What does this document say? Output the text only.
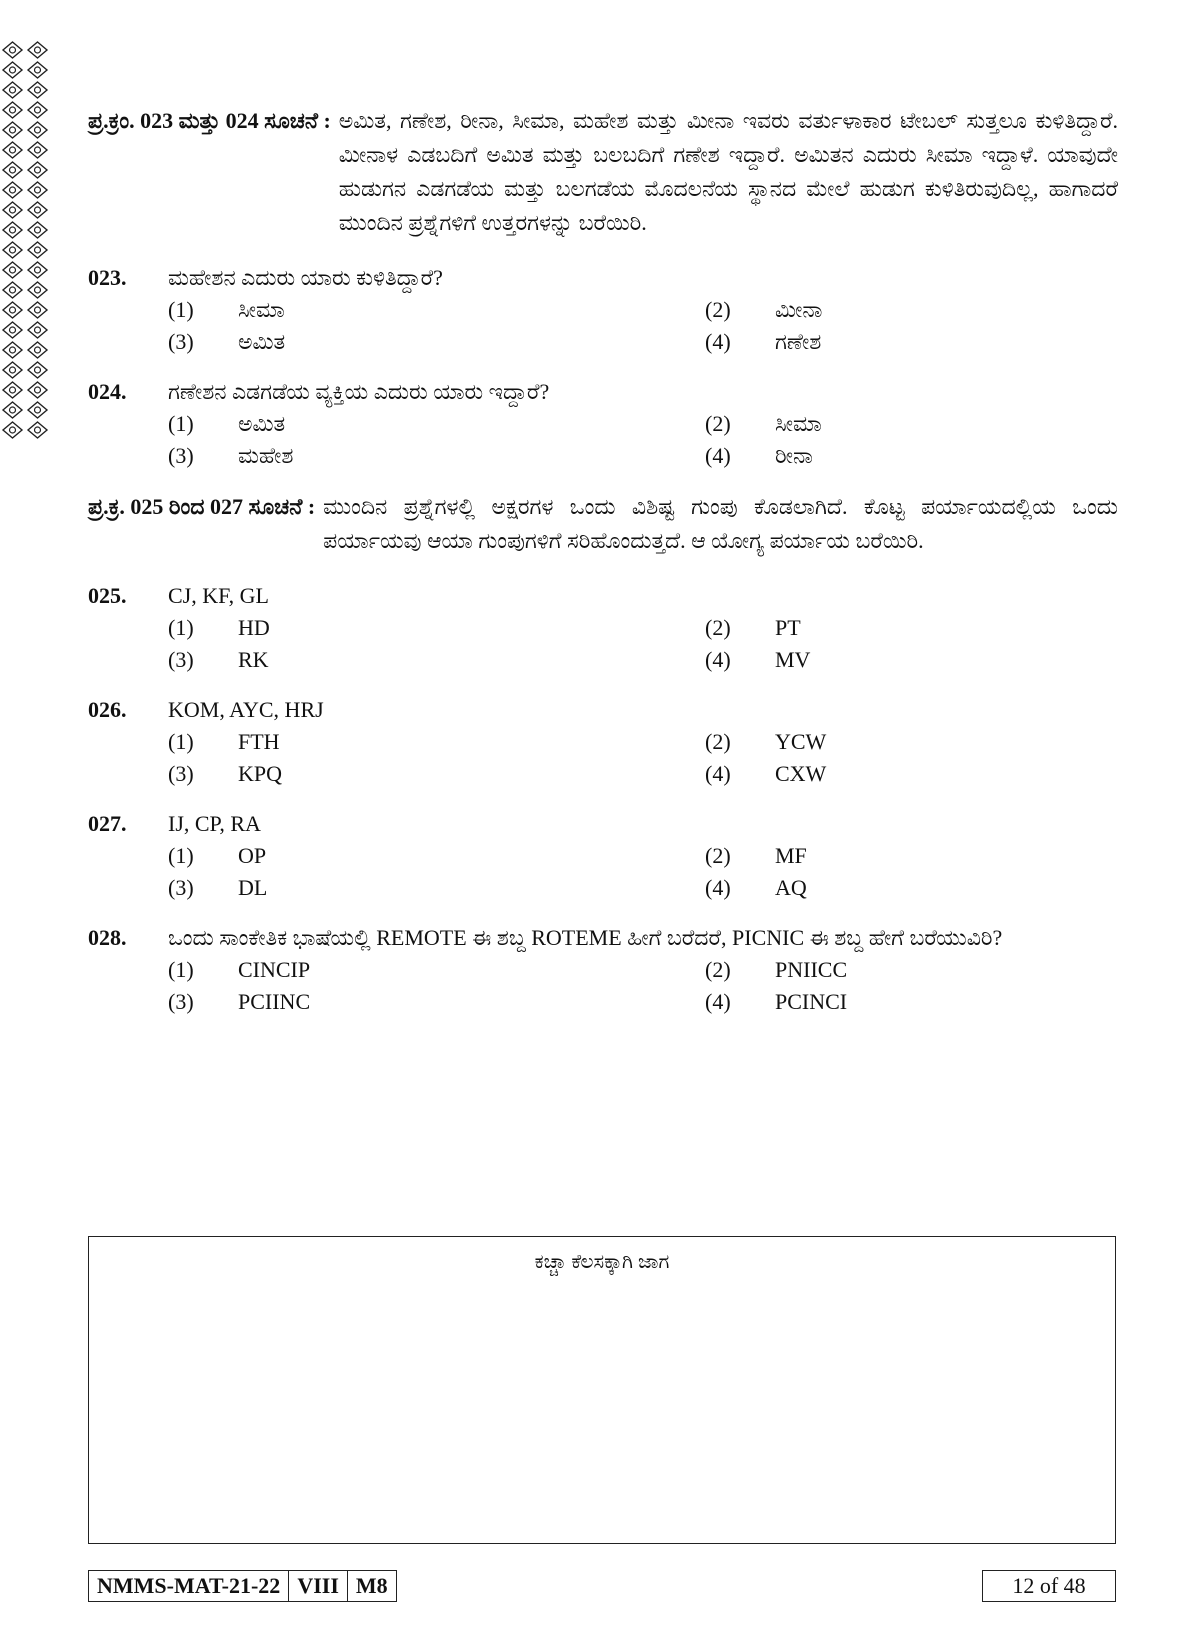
ಪ್ರ.ಕ್ರಂ. 023 ಮತ್ತು 024 ಸೂಚನೆ : ಅಮಿತ, ಗಣೇಶ, ರೀನಾ, ಸೀಮಾ, ಮಹೇಶ ಮತ್ತು ಮೀನಾ ಇವರು ವರ್ತುಳಾಕಾರ ಟೇಬಲ್ ಸುತ್ತಲೂ ಕುಳಿತಿದ್ದಾರೆ. ಮೀನಾಳ ಎಡಬದಿಗೆ ಅಮಿತ ಮತ್ತು ಬಲಬದಿಗೆ ಗಣೇಶ ಇದ್ದಾರೆ. ಅಮಿತನ ಎದುರು ಸೀಮಾ ಇದ್ದಾಳೆ. ಯಾವುದೇ ಹುಡುಗನ ಎಡಗಡೆಯ ಮತ್ತು ಬಲಗಡೆಯ ಮೊದಲನೆಯ ಸ್ಥಾನದ ಮೇಲೆ ಹುಡುಗ ಕುಳಿತಿರುವುದಿಲ್ಲ, ಹಾಗಾದರೆ ಮುಂದಿನ ಪ್ರಶ್ನೆಗಳಿಗೆ ಉತ್ತರಗಳನ್ನು ಬರೆಯಿರಿ.
023.	ಮಹೇಶನ ಎದುರು ಯಾರು ಕುಳಿತಿದ್ದಾರೆ?
(1)	ಸೀಮಾ	(2)	ಮೀನಾ
(3)	ಅಮಿತ	(4)	ಗಣೇಶ
024.	ಗಣೇಶನ ಎಡಗಡೆಯ ವ್ಯಕ್ತಿಯ ಎದುರು ಯಾರು ಇದ್ದಾರೆ?
(1)	ಅಮಿತ	(2)	ಸೀಮಾ
(3)	ಮಹೇಶ	(4)	ರೀನಾ
ಪ್ರ.ಕ್ರ. 025 ರಿಂದ 027 ಸೂಚನೆ : ಮುಂದಿನ ಪ್ರಶ್ನೆಗಳಲ್ಲಿ ಅಕ್ಷರಗಳ ಒಂದು ವಿಶಿಷ್ಟ ಗುಂಪು ಕೊಡಲಾಗಿದೆ. ಕೊಟ್ಟ ಪರ್ಯಾಯದಲ್ಲಿಯ ಒಂದು ಪರ್ಯಾಯವು ಆಯಾ ಗುಂಪುಗಳಿಗೆ ಸರಿಹೊಂದುತ್ತದೆ. ಆ ಯೋಗ್ಯ ಪರ್ಯಾಯ ಬರೆಯಿರಿ.
025.	CJ, KF, GL
(1)	HD	(2)	PT
(3)	RK	(4)	MV
026.	KOM, AYC, HRJ
(1)	FTH	(2)	YCW
(3)	KPQ	(4)	CXW
027.	IJ, CP, RA
(1)	OP	(2)	MF
(3)	DL	(4)	AQ
028.	ಒಂದು ಸಾಂಕೇತಿಕ ಭಾಷೆಯಲ್ಲಿ REMOTE ಈ ಶಬ್ದ ROTEME ಹೀಗೆ ಬರೆದರೆ, PICNIC ಈ ಶಬ್ದ ಹೇಗೆ ಬರೆಯುವಿರಿ?
(1)	CINCIP	(2)	PNIICC
(3)	PCIINC	(4)	PCINCI
ಕಚ್ಚಾ ಕೆಲಸಕ್ಕಾಗಿ ಜಾಗ
NMMS-MAT-21-22 VIII M8	12 of 48
